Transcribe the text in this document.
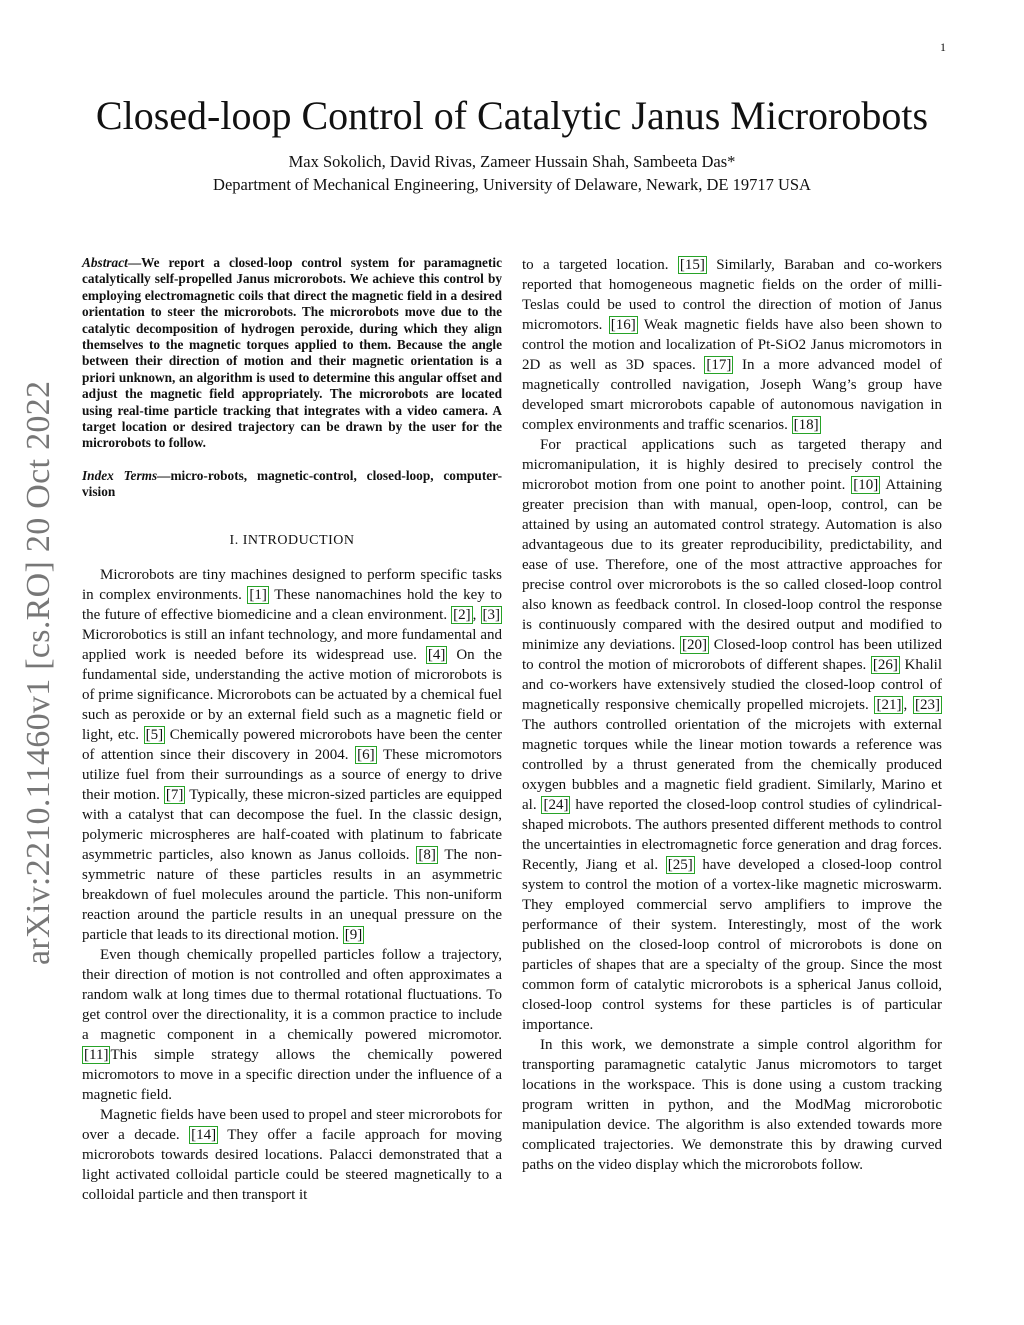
1
arXiv:2210.11460v1 [cs.RO] 20 Oct 2022
Closed-loop Control of Catalytic Janus Microrobots
Max Sokolich, David Rivas, Zameer Hussain Shah, Sambeeta Das*
Department of Mechanical Engineering, University of Delaware, Newark, DE 19717 USA

Abstract—We report a closed-loop control system for paramagnetic catalytically self-propelled Janus microrobots. We achieve this control by employing electromagnetic coils that direct the magnetic field in a desired orientation to steer the microrobots. The microrobots move due to the catalytic decomposition of hydrogen peroxide, during which they align themselves to the magnetic torques applied to them. Because the angle between their direction of motion and their magnetic orientation is a priori unknown, an algorithm is used to determine this angular offset and adjust the magnetic field appropriately. The microrobots are located using real-time particle tracking that integrates with a video camera. A target location or desired trajectory can be drawn by the user for the microrobots to follow.

Index Terms—micro-robots, magnetic-control, closed-loop, computer-vision

I. INTRODUCTION

Microrobots are tiny machines designed to perform specific tasks in complex environments. [1] These nanomachines hold the key to the future of effective biomedicine and a clean environment. [2] , [3] Microrobotics is still an infant technology, and more fundamental and applied work is needed before its widespread use. [4] On the fundamental side, understanding the active motion of microrobots is of prime significance. Microrobots can be actuated by a chemical fuel such as peroxide or by an external field such as a magnetic field or light, etc. [5] Chemically powered microrobots have been the center of attention since their discovery in 2004. [6] These micromotors utilize fuel from their surroundings as a source of energy to drive their motion. [7] Typically, these micron-sized particles are equipped with a catalyst that can decompose the fuel. In the classic design, polymeric microspheres are half-coated with platinum to fabricate asymmetric particles, also known as Janus colloids. [8] The non-symmetric nature of these particles results in an asymmetric breakdown of fuel molecules around the particle. This non-uniform reaction around the particle results in an unequal pressure on the particle that leads to its directional motion. [9]

Even though chemically propelled particles follow a trajectory, their direction of motion is not controlled and often approximates a random walk at long times due to thermal rotational fluctuations. To get control over the directionality, it is a common practice to include a magnetic component in a chemically powered micromotor. [11] This simple strategy allows the chemically powered micromotors to move in a specific direction under the influence of a magnetic field.

Magnetic fields have been used to propel and steer microrobots for over a decade. [14] They offer a facile approach for moving microrobots towards desired locations. Palacci demonstrated that a light activated colloidal particle could be steered magnetically to a colloidal particle and then transport it

to a targeted location. [15] Similarly, Baraban and co-workers reported that homogeneous magnetic fields on the order of milli-Teslas could be used to control the direction of motion of Janus micromotors. [16] Weak magnetic fields have also been shown to control the motion and localization of Pt-SiO2 Janus micromotors in 2D as well as 3D spaces. [17] In a more advanced model of magnetically controlled navigation, Joseph Wang’s group have developed smart microrobots capable of autonomous navigation in complex environments and traffic scenarios. [18]

For practical applications such as targeted therapy and micromanipulation, it is highly desired to precisely control the microrobot motion from one point to another point. [10] Attaining greater precision than with manual, open-loop, control, can be attained by using an automated control strategy. Automation is also advantageous due to its greater reproducibility, predictability, and ease of use. Therefore, one of the most attractive approaches for precise control over microrobots is the so called closed-loop control also known as feedback control. In closed-loop control the response is continuously compared with the desired output and modified to minimize any deviations. [20] Closed-loop control has been utilized to control the motion of microrobots of different shapes. [26] Khalil and co-workers have extensively studied the closed-loop control of magnetically responsive chemically propelled microjets. [21] , [23] The authors controlled orientation of the microjets with external magnetic torques while the linear motion towards a reference was controlled by a thrust generated from the chemically produced oxygen bubbles and a magnetic field gradient. Similarly, Marino et al. [24] have reported the closed-loop control studies of cylindrical-shaped microbots. The authors presented different methods to control the uncertainties in electromagnetic force generation and drag forces. Recently, Jiang et al. [25] have developed a closed-loop control system to control the motion of a vortex-like magnetic microswarm. They employed commercial servo amplifiers to improve the performance of their system. Interestingly, most of the work published on the closed-loop control of microrobots is done on particles of shapes that are a specialty of the group. Since the most common form of catalytic microrobots is a spherical Janus colloid, closed-loop control systems for these particles is of particular importance.

In this work, we demonstrate a simple control algorithm for transporting paramagnetic catalytic Janus micromotors to target locations in the workspace. This is done using a custom tracking program written in python, and the ModMag microrobotic manipulation device. The algorithm is also extended towards more complicated trajectories. We demonstrate this by drawing curved paths on the video display which the microrobots follow.
